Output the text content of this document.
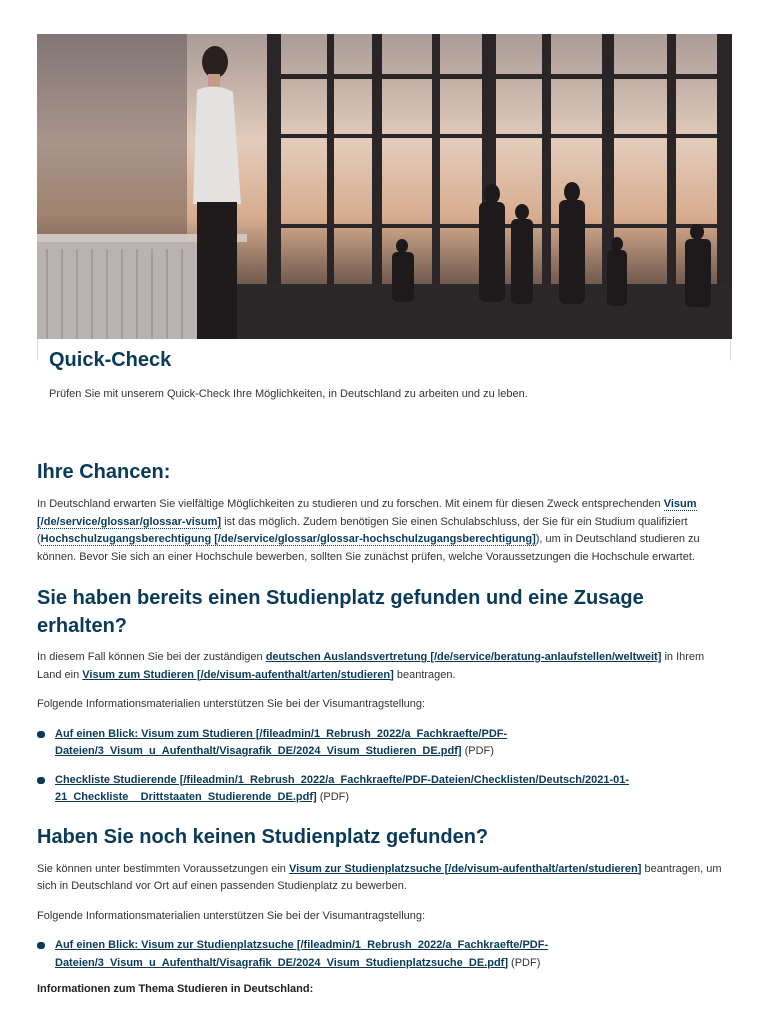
Quick-Check

Prüfen Sie mit unserem Quick-Check Ihre Möglichkeiten, in Deutschland zu arbeiten und zu leben.

Ihre Chancen:

In Deutschland erwarten Sie vielfältige Möglichkeiten zu studieren und zu forschen. Mit einem für diesen Zweck entsprechenden Visum [/de/service/glossar/glossar-visum] ist das möglich. Zudem benötigen Sie einen Schulabschluss, der Sie für ein Studium qualifiziert (Hochschulzugangsberechtigung [/de/service/glossar/glossar-hochschulzugangsberechtigung]), um in Deutschland studieren zu können. Bevor Sie sich an einer Hochschule bewerben, sollten Sie zunächst prüfen, welche Voraussetzungen die Hochschule erwartet.

Sie haben bereits einen Studienplatz gefunden und eine Zusage erhalten?

In diesem Fall können Sie bei der zuständigen deutschen Auslandsvertretung [/de/service/beratung-anlaufstellen/weltweit] in Ihrem Land ein Visum zum Studieren [/de/visum-aufenthalt/arten/studieren] beantragen.

Folgende Informationsmaterialien unterstützen Sie bei der Visumantragstellung:

Auf einen Blick: Visum zum Studieren [/fileadmin/1_Rebrush_2022/a_Fachkraefte/PDF-Dateien/3_Visum_u_Aufenthalt/Visagrafik_DE/2024_Visum_Studieren_DE.pdf] (PDF)
Checkliste Studierende [/fileadmin/1_Rebrush_2022/a_Fachkraefte/PDF-Dateien/Checklisten/Deutsch/2021-01-21_Checkliste__Drittstaaten_Studierende_DE.pdf] (PDF)
Haben Sie noch keinen Studienplatz gefunden?

Sie können unter bestimmten Voraussetzungen ein Visum zur Studienplatzsuche [/de/visum-aufenthalt/arten/studieren] beantragen, um sich in Deutschland vor Ort auf einen passenden Studienplatz zu bewerben.

Folgende Informationsmaterialien unterstützen Sie bei der Visumantragstellung:

Auf einen Blick: Visum zur Studienplatzsuche [/fileadmin/1_Rebrush_2022/a_Fachkraefte/PDF-Dateien/3_Visum_u_Aufenthalt/Visagrafik_DE/2024_Visum_Studienplatzsuche_DE.pdf] (PDF)

Informationen zum Thema Studieren in Deutschland:
